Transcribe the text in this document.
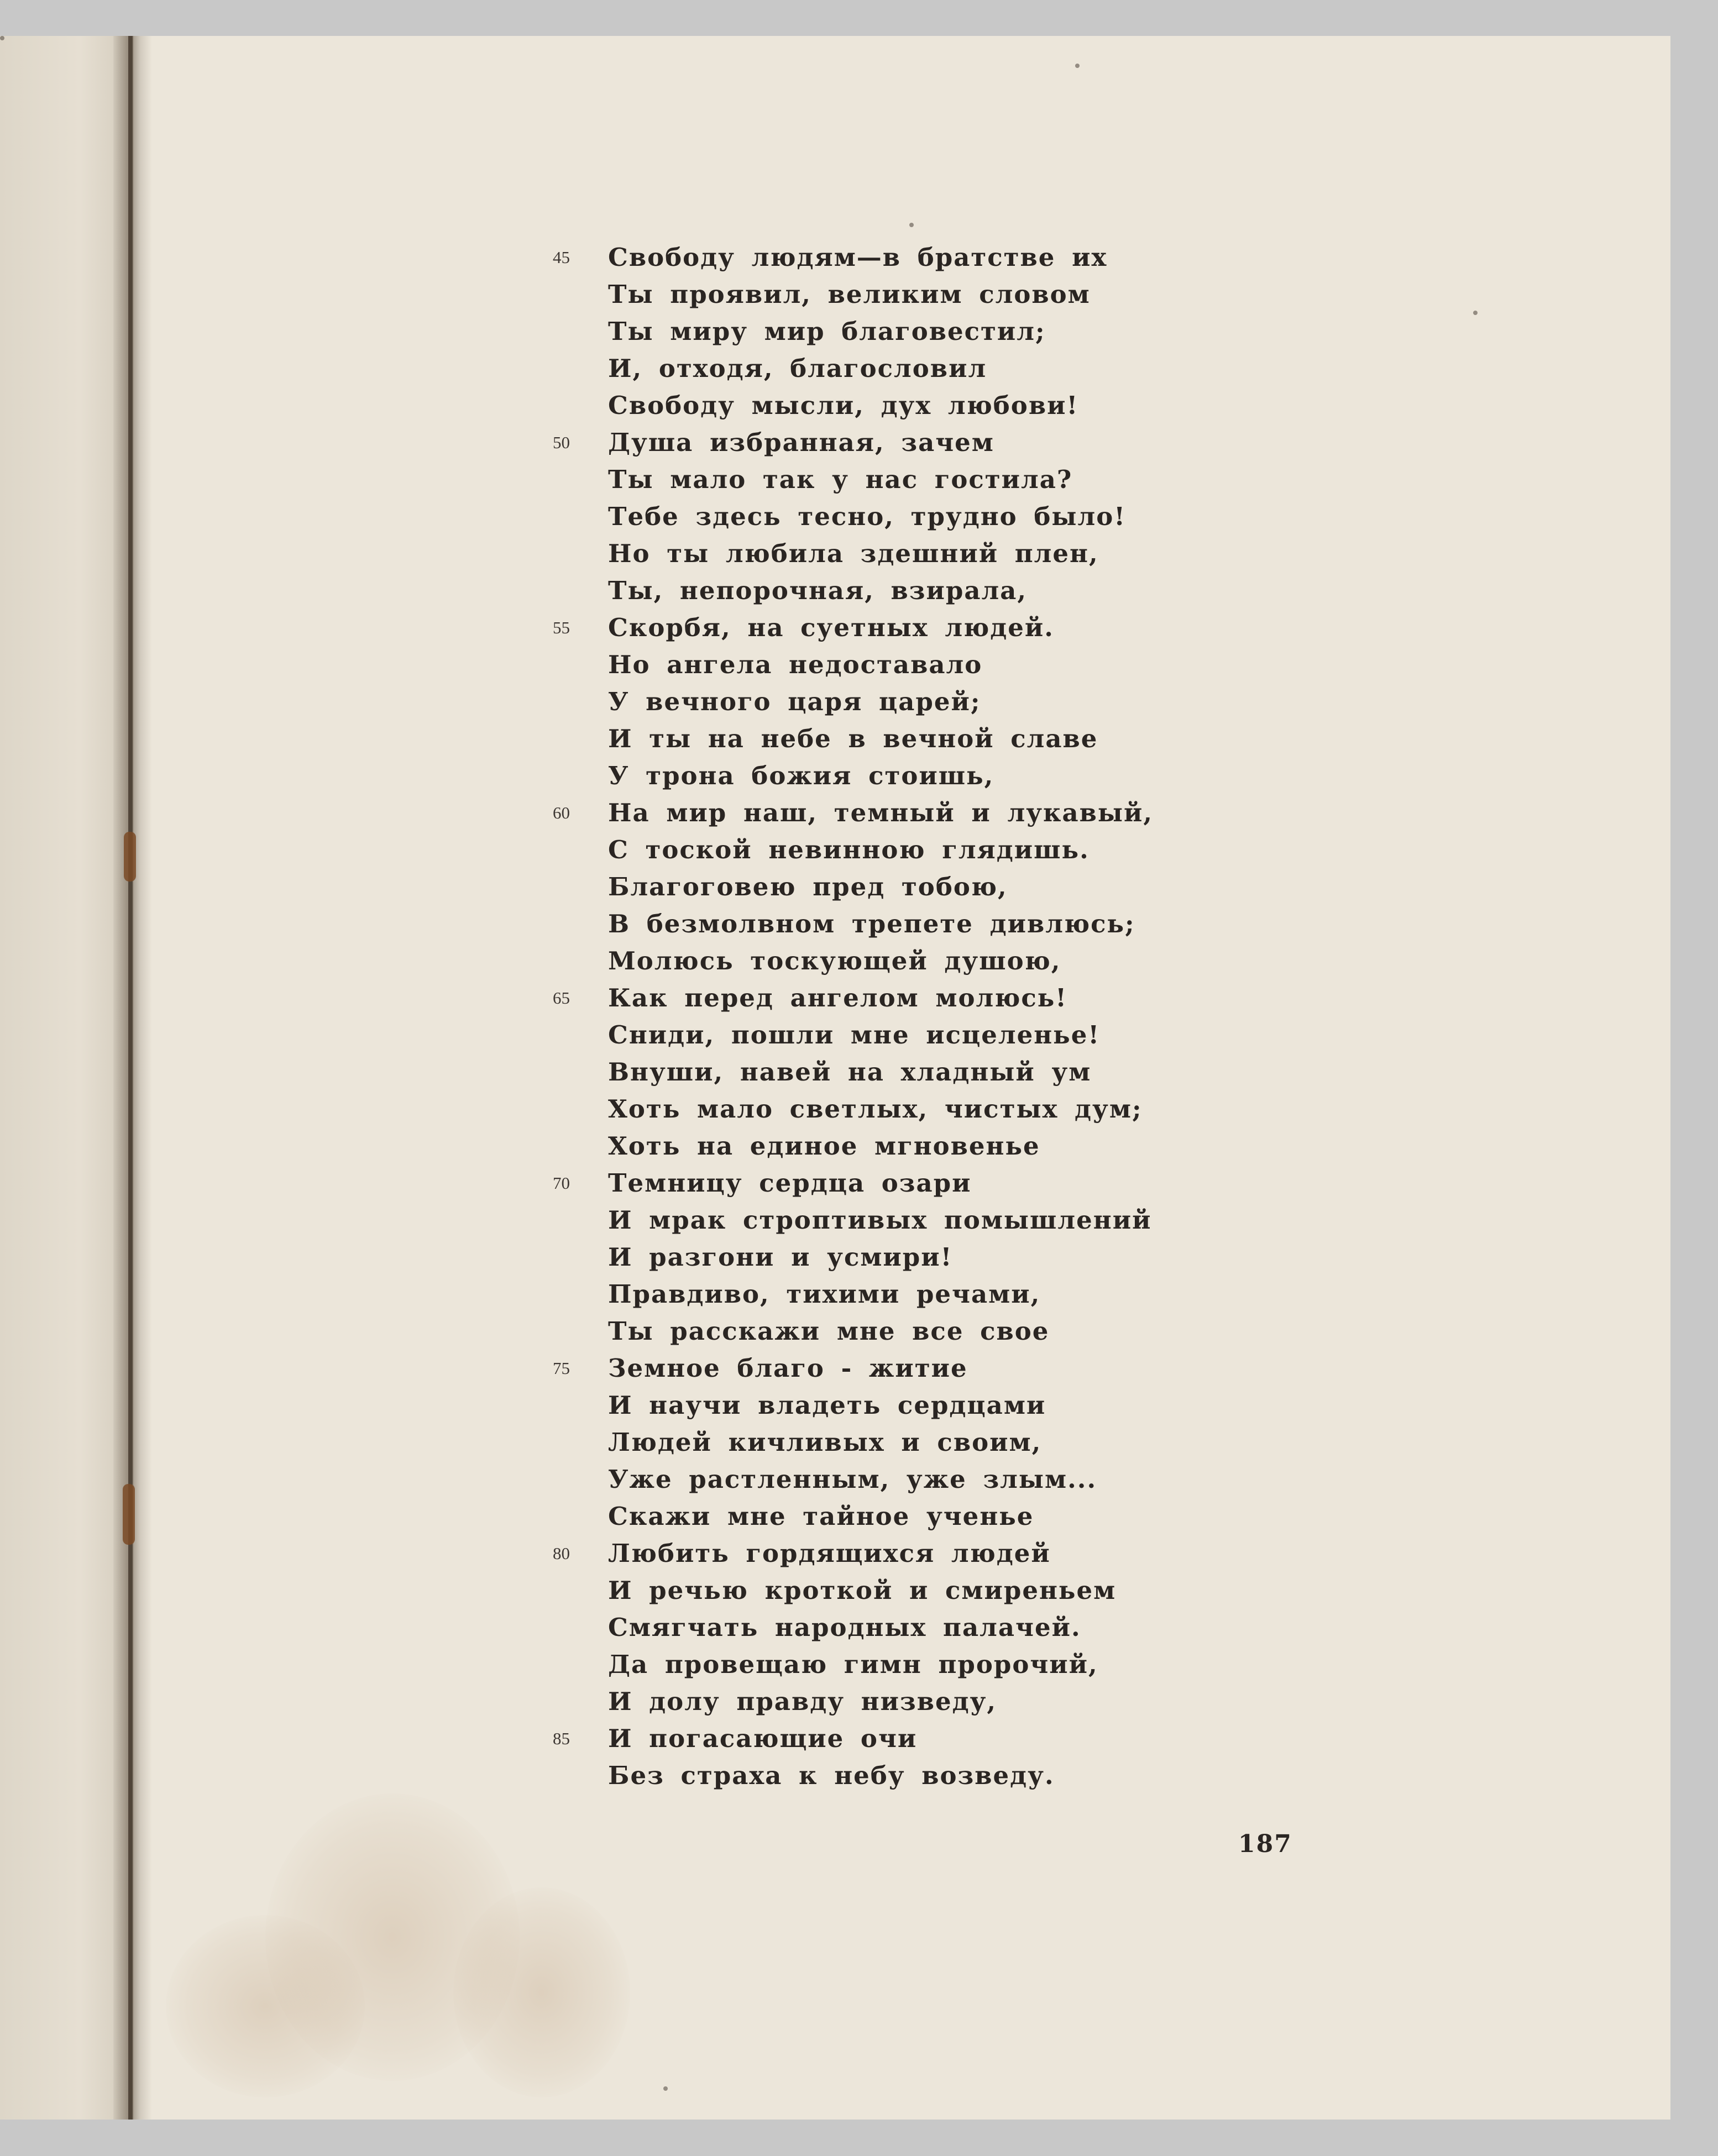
45 Свободу людям—в братстве их
Ты проявил, великим словом
Ты миру мир благовестил;
И, отходя, благословил
Свободу мысли, дух любови!
50 Душа избранная, зачем
Ты мало так у нас гостила?
Тебе здесь тесно, трудно было!
Но ты любила здешний плен,
Ты, непорочная, взирала,
55 Скорбя, на суетных людей.
Но ангела недоставало
У вечного царя царей;
И ты на небе в вечной славе
У трона божия стоишь,
60 На мир наш, темный и лукавый,
С тоской невинною глядишь.
Благоговею пред тобою,
В безмолвном трепете дивлюсь;
Молюсь тоскующей душою,
65 Как перед ангелом молюсь!
Сниди, пошли мне исцеленье!
Внуши, навей на хладный ум
Хоть мало светлых, чистых дум;
Хоть на единое мгновенье
70 Темницу сердца озари
И мрак строптивых помышлений
И разгони и усмири!
Правдиво, тихими речами,
Ты расскажи мне все свое
75 Земное благо - житие
И научи владеть сердцами
Людей кичливых и своим,
Уже растленным, уже злым...
Скажи мне тайное ученье
80 Любить гордящихся людей
И речью кроткой и смиреньем
Смягчать народных палачей.
Да провещаю гимн пророчий,
И долу правду низведу,
85 И погасающие очи
Без страха к небу возведу.
187
